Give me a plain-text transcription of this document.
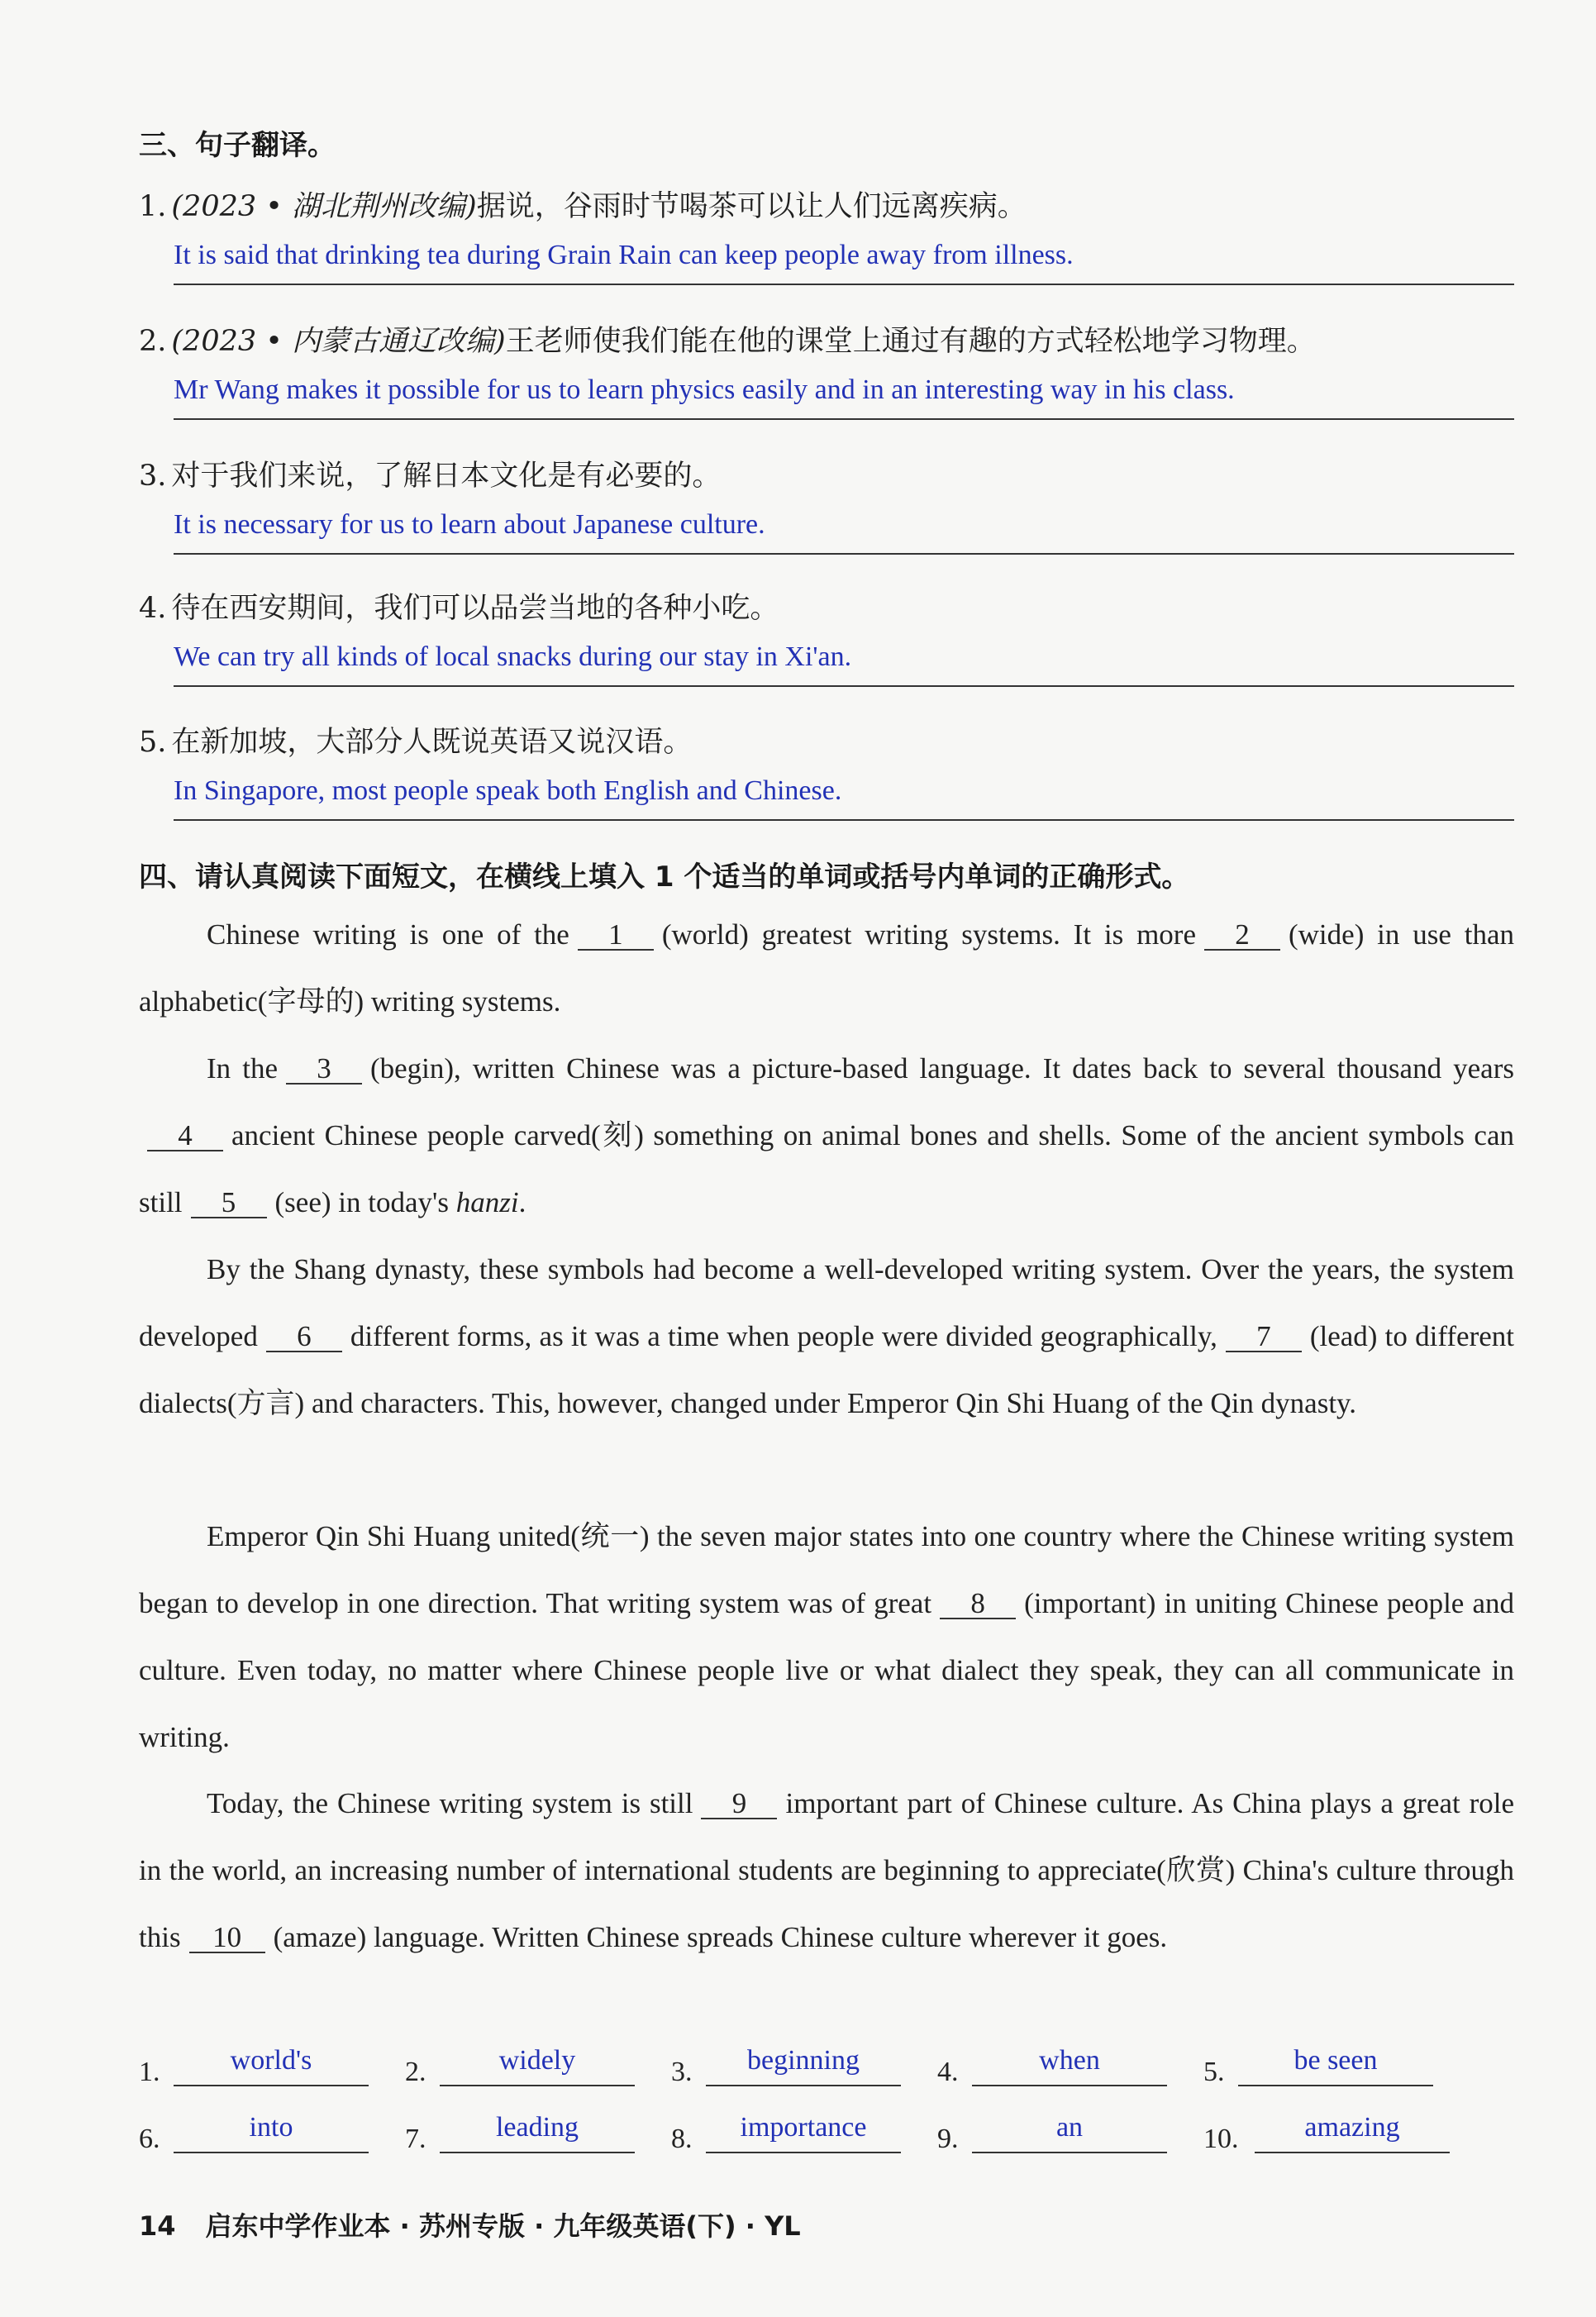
三、句子翻译。
1. (2023 • 湖北荆州改编)据说，谷雨时节喝茶可以让人们远离疾病。
It is said that drinking tea during Grain Rain can keep people away from illness.
2. (2023 • 内蒙古通辽改编)王老师使我们能在他的课堂上通过有趣的方式轻松地学习物理。
Mr Wang makes it possible for us to learn physics easily and in an interesting way in his class.
3. 对于我们来说，了解日本文化是有必要的。
It is necessary for us to learn about Japanese culture.
4. 待在西安期间，我们可以品尝当地的各种小吃。
We can try all kinds of local snacks during our stay in Xi'an.
5. 在新加坡，大部分人既说英语又说汉语。
In Singapore, most people speak both English and Chinese.
四、请认真阅读下面短文，在横线上填入 1 个适当的单词或括号内单词的正确形式。
Chinese writing is one of the 1 (world) greatest writing systems. It is more 2 (wide) in use than alphabetic(字母的) writing systems.
In the 3 (begin), written Chinese was a picture-based language. It dates back to several thousand years4 ancient Chinese people carved(刻) something on animal bones and shells. Some of the ancient symbols can still 5 (see) in today's hanzi.
By the Shang dynasty, these symbols had become a well-developed writing system. Over the years, the system developed 6 different forms, as it was a time when people were divided geographically, 7 (lead) to different dialects(方言) and characters. This, however, changed under Emperor Qin Shi Huang of the Qin dynasty.
Emperor Qin Shi Huang united(统一) the seven major states into one country where the Chinese writing system began to develop in one direction. That writing system was of great 8 (important) in uniting Chinese people and culture. Even today, no matter where Chinese people live or what dialect they speak, they can all communicate in writing.
Today, the Chinese writing system is still 9 important part of Chinese culture. As China plays a great role in the world, an increasing number of international students are beginning to appreciate(欣赏) China's culture through this 10 (amaze) language. Written Chinese spreads Chinese culture wherever it goes.
1.	world's	2.	widely	3.	beginning	4.	when	5.	be seen
6.	into	7.	leading	8.	importance	9.	an	10.	amazing
14 启东中学作业本 · 苏州专版 · 九年级英语(下) · YL
